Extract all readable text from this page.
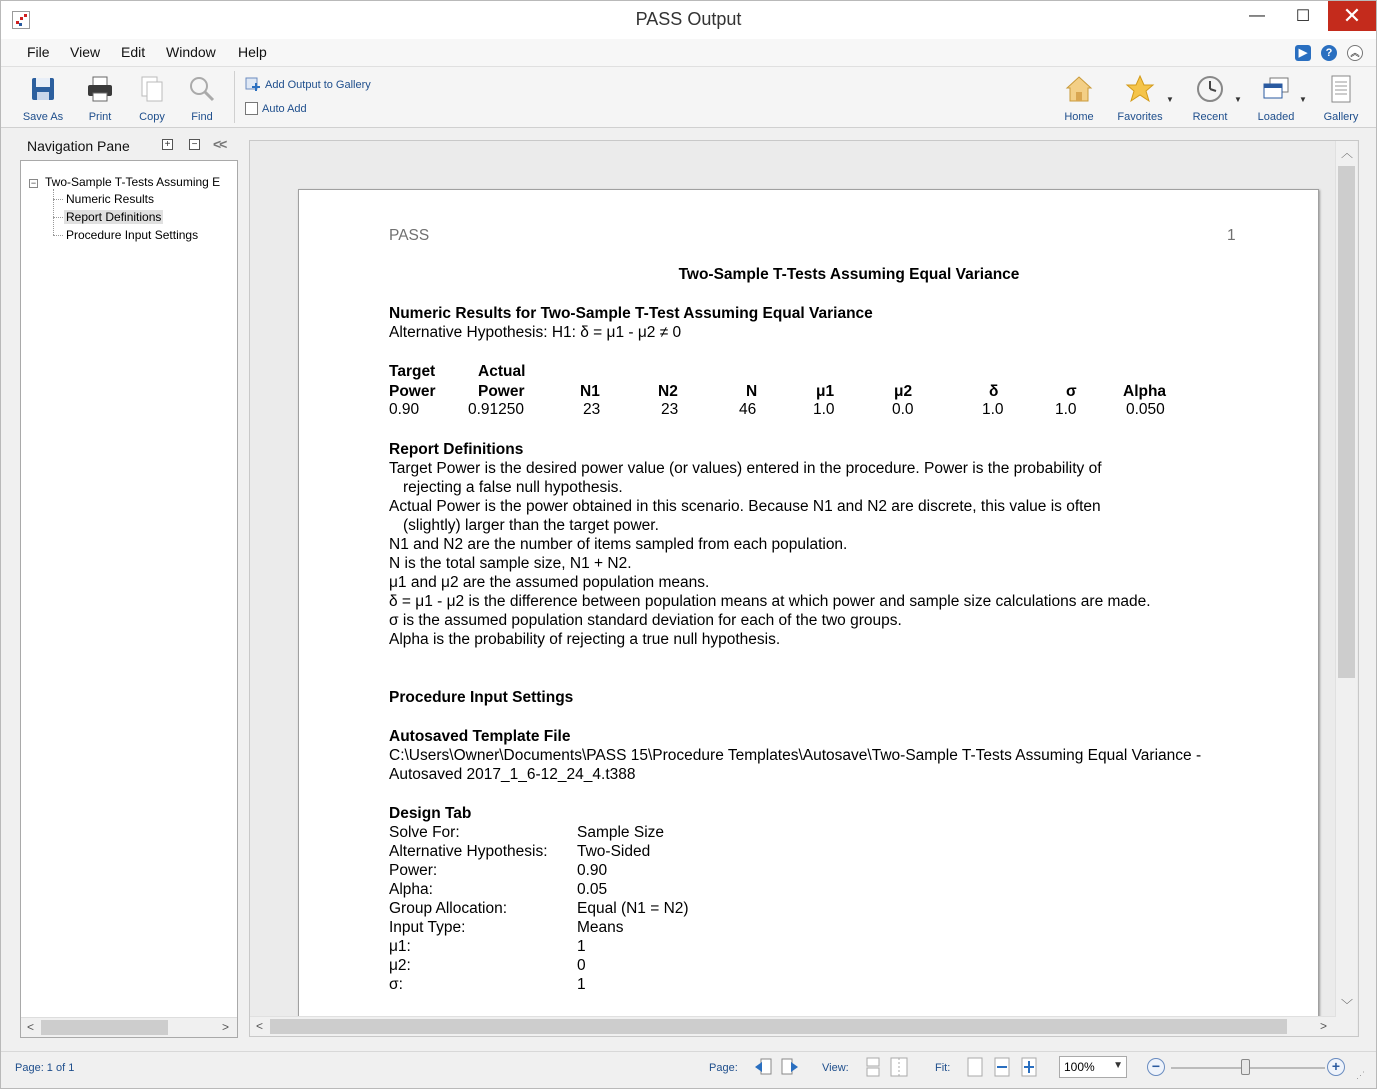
PASS Output	—	☐	✕
File View Edit Window Help	▶	?	︽
Save As	Print	Copy	Find
Add Output to Gallery
Auto Add
Home	Favorites
▼
Recent
▼
Loaded
▼
Gallery
Navigation Pane	+ − <<
− Two-Sample T-Tests Assuming E
Numeric Results
Report Definitions
Procedure Input Settings
<	>
PASS	1
Two-Sample T-Tests Assuming Equal Variance
Numeric Results for Two-Sample T-Test Assuming Equal Variance
Alternative Hypothesis: H1: δ = μ1 - μ2 ≠ 0
Target	Actual
Power	Power	N1	N2	N	μ1	μ2	δ	σ	Alpha
0.90	0.91250	23	23	46	1.0	0.0	1.0	1.0	0.050
Report Definitions
Target Power is the desired power value (or values) entered in the procedure. Power is the probability of
rejecting a false null hypothesis.
Actual Power is the power obtained in this scenario. Because N1 and N2 are discrete, this value is often
(slightly) larger than the target power.
N1 and N2 are the number of items sampled from each population.
N is the total sample size, N1 + N2.
μ1 and μ2 are the assumed population means.
δ = μ1 - μ2 is the difference between population means at which power and sample size calculations are made.
σ is the assumed population standard deviation for each of the two groups.
Alpha is the probability of rejecting a true null hypothesis.
Procedure Input Settings
Autosaved Template File
C:\Users\Owner\Documents\PASS 15\Procedure Templates\Autosave\Two-Sample T-Tests Assuming Equal Variance -
Autosaved 2017_1_6-12_24_4.t388
Design Tab
Solve For:	Sample Size
Alternative Hypothesis: Two-Sided
Power:	0.90
Alpha:	0.05
Group Allocation:	Equal (N1 = N2)
Input Type:	Means
μ1:	1
μ2:	0
σ:	1
︿
﹀
<	>
Page: 1 of 1	Page:	View:	Fit:	100% ▼	−	+
⋰
